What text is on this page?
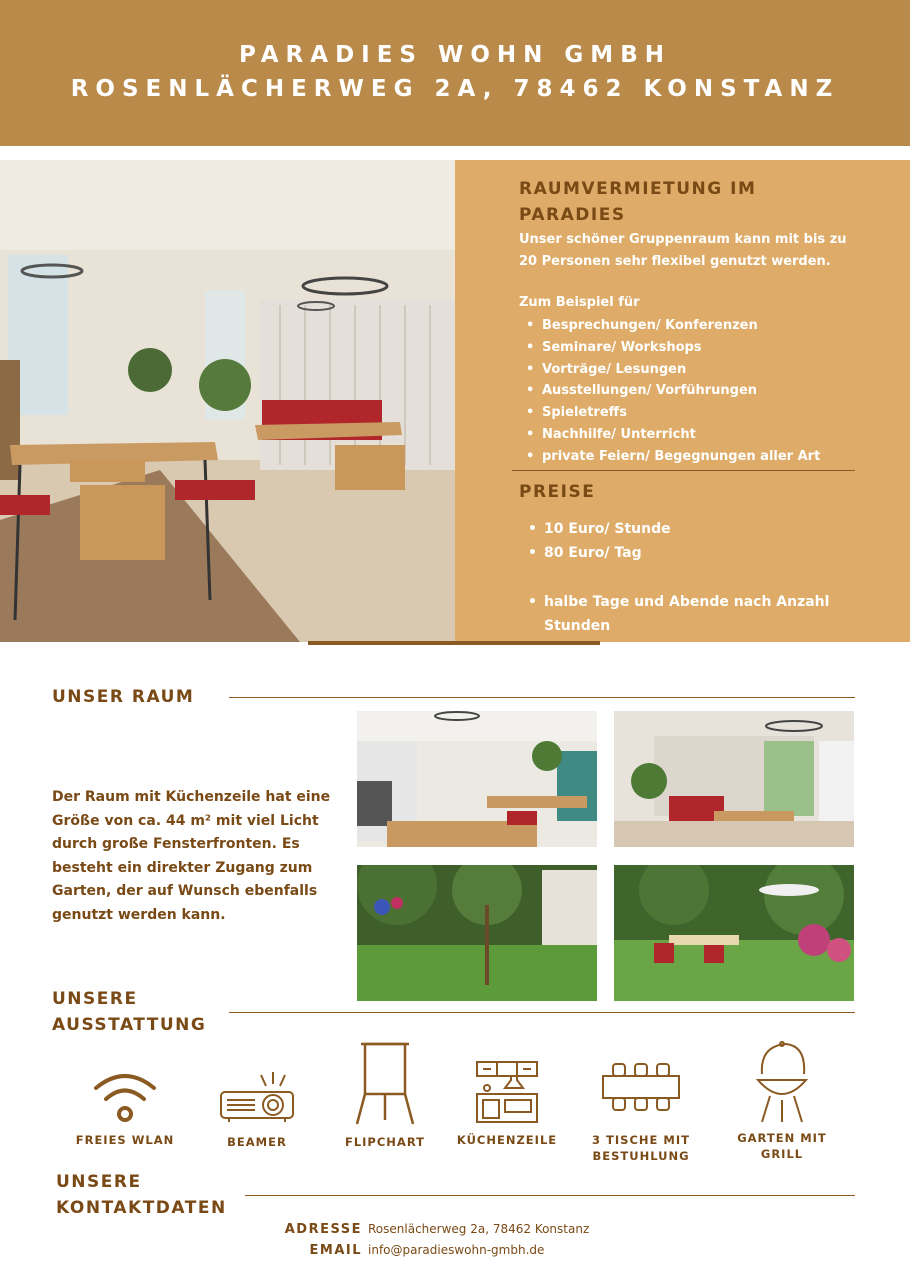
PARADIES WOHN GMBH
ROSENLÄCHERWEG 2A, 78462 KONSTANZ
RAUMVERMIETUNG IM PARADIES
Unser schöner Gruppenraum kann mit bis zu 20 Personen sehr flexibel genutzt werden.
Zum Beispiel für
• Besprechungen/ Konferenzen
• Seminare/ Workshops
• Vorträge/ Lesungen
• Ausstellungen/ Vorführungen
• Spieletreffs
• Nachhilfe/ Unterricht
• private Feiern/ Begegnungen aller Art
PREISE
• 10 Euro/ Stunde
• 80 Euro/ Tag
• halbe Tage und Abende nach Anzahl Stunden
UNSER RAUM
Der Raum mit Küchenzeile hat eine Größe von ca. 44 m² mit viel Licht durch große Fensterfronten. Es besteht ein direkter Zugang zum Garten, der auf Wunsch ebenfalls genutzt werden kann.
UNSERE AUSSTATTUNG
FREIES WLAN	BEAMER	FLIPCHART	KÜCHENZEILE	3 TISCHE MIT BESTUHLUNG
GARTEN MIT GRILL
UNSERE KONTAKTDATEN
ADRESSE Rosenlächerweg 2a, 78462 Konstanz
EMAIL info@paradieswohn-gmbh.de
